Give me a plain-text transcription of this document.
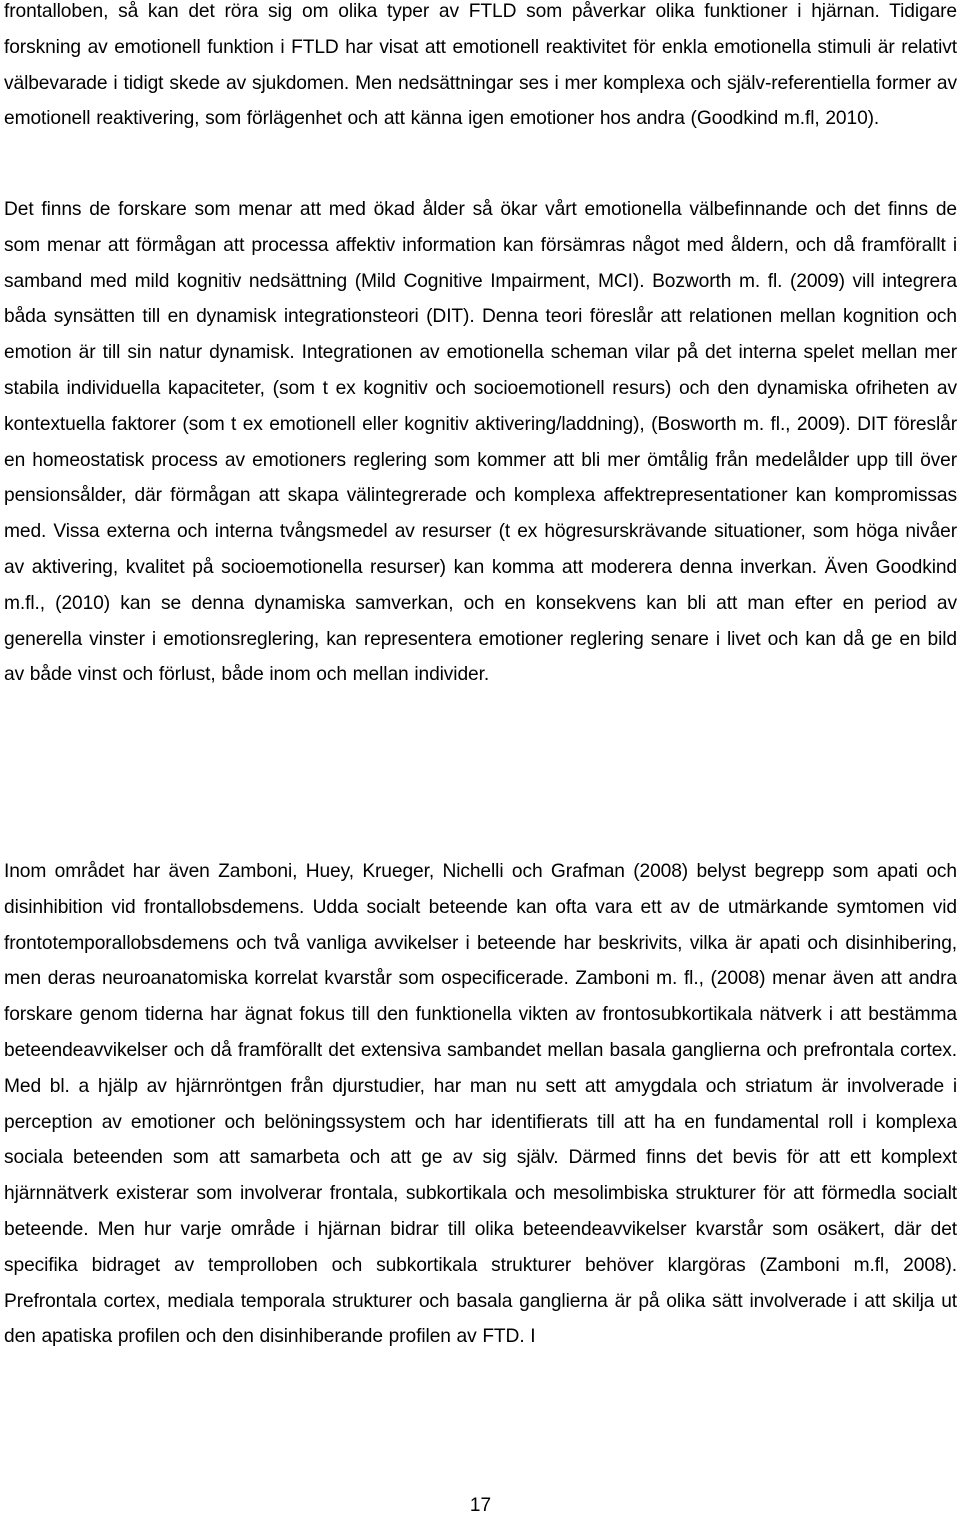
frontalloben, så kan det röra sig om olika typer av FTLD som påverkar olika funktioner i hjärnan. Tidigare forskning av emotionell funktion i FTLD har visat att emotionell reaktivitet för enkla emotionella stimuli är relativt välbevarade i tidigt skede av sjukdomen. Men nedsättningar ses i mer komplexa och själv-referentiella former av emotionell reaktivering, som förlägenhet och att känna igen emotioner hos andra (Goodkind m.fl, 2010).

Det finns de forskare som menar att med ökad ålder så ökar vårt emotionella välbefinnande och det finns de som menar att förmågan att processa affektiv information kan försämras något med åldern, och då framförallt i samband med mild kognitiv nedsättning (Mild Cognitive Impairment, MCI). Bozworth m. fl. (2009) vill integrera båda synsätten till en dynamisk integrationsteori (DIT). Denna teori föreslår att relationen mellan kognition och emotion är till sin natur dynamisk. Integrationen av emotionella scheman vilar på det interna spelet mellan mer stabila individuella kapaciteter, (som t ex kognitiv och socioemotionell resurs) och den dynamiska ofriheten av kontextuella faktorer (som t ex emotionell eller kognitiv aktivering/laddning), (Bosworth m. fl., 2009). DIT föreslår en homeostatisk process av emotioners reglering som kommer att bli mer ömtålig från medelålder upp till över pensionsålder, där förmågan att skapa välintegrerade och komplexa affektrepresentationer kan kompromissas med. Vissa externa och interna tvångsmedel av resurser (t ex högresurskrävande situationer, som höga nivåer av aktivering, kvalitet på socioemotionella resurser) kan komma att moderera denna inverkan. Även Goodkind m.fl., (2010) kan se denna dynamiska samverkan, och en konsekvens kan bli att man efter en period av generella vinster i emotionsreglering, kan representera emotioner reglering senare i livet och kan då ge en bild av både vinst och förlust, både inom och mellan individer.

Inom området har även Zamboni, Huey, Krueger, Nichelli och Grafman (2008) belyst begrepp som apati och disinhibition vid frontallobsdemens. Udda socialt beteende kan ofta vara ett av de utmärkande symtomen vid frontotemporallobsdemens och två vanliga avvikelser i beteende har beskrivits, vilka är apati och disinhibering, men deras neuroanatomiska korrelat kvarstår som ospecificerade. Zamboni m. fl., (2008) menar även att andra forskare genom tiderna har ägnat fokus till den funktionella vikten av frontosubkortikala nätverk i att bestämma beteendeavvikelser och då framförallt det extensiva sambandet mellan basala ganglierna och prefrontala cortex. Med bl. a hjälp av hjärnröntgen från djurstudier, har man nu sett att amygdala och striatum är involverade i perception av emotioner och belöningssystem och har identifierats till att ha en fundamental roll i komplexa sociala beteenden som att samarbeta och att ge av sig själv. Därmed finns det bevis för att ett komplext hjärnnätverk existerar som involverar frontala, subkortikala och mesolimbiska strukturer för att förmedla socialt beteende. Men hur varje område i hjärnan bidrar till olika beteendeavvikelser kvarstår som osäkert, där det specifika bidraget av temprolloben och subkortikala strukturer behöver klargöras (Zamboni m.fl, 2008). Prefrontala cortex, mediala temporala strukturer och basala ganglierna är på olika sätt involverade i att skilja ut den apatiska profilen och den disinhiberande profilen av FTD. I

17
